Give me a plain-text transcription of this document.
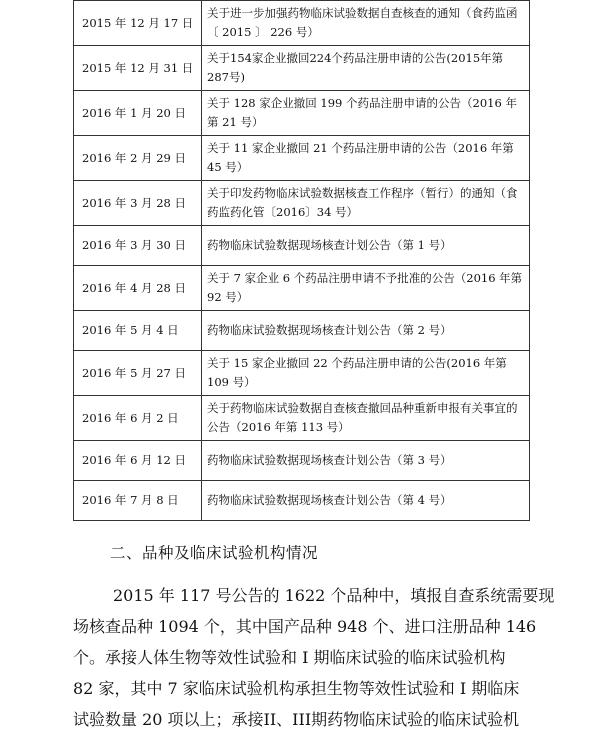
2015 年 12 月 17 日	关于进一步加强药物临床试验数据自查核查的通知（食药监函〔 2015 〕 226 号）
2015 年 12 月 31 日	关于154家企业撤回224个药品注册申请的公告(2015年第287号)
2016 年 1 月 20 日	关于 128 家企业撤回 199 个药品注册申请的公告（2016 年第 21 号）
2016 年 2 月 29 日	关于 11 家企业撤回 21 个药品注册申请的公告（2016 年第 45 号）
2016 年 3 月 28 日	关于印发药物临床试验数据核查工作程序（暂行）的通知（食药监药化管〔2016〕34 号）
2016 年 3 月 30 日	药物临床试验数据现场核查计划公告（第 1 号）
2016 年 4 月 28 日	关于 7 家企业 6 个药品注册申请不予批准的公告（2016 年第 92 号）
2016 年 5 月 4 日	药物临床试验数据现场核查计划公告（第 2 号）
2016 年 5 月 27 日	关于 15 家企业撤回 22 个药品注册申请的公告(2016 年第 109 号）
2016 年 6 月 2 日	关于药物临床试验数据自查核查撤回品种重新申报有关事宜的公告（2016 年第 113 号）
2016 年 6 月 12 日	药物临床试验数据现场核查计划公告（第 3 号）
2016 年 7 月 8 日	药物临床试验数据现场核查计划公告（第 4 号）
二、品种及临床试验机构情况
2015 年 117 号公告的 1622 个品种中，填报自查系统需要现
场核查品种 1094 个，其中国产品种 948 个、进口注册品种 146
个。承接人体生物等效性试验和 I 期临床试验的临床试验机构
82 家，其中 7 家临床试验机构承担生物等效性试验和 I 期临床
试验数量 20 项以上；承接II、III期药物临床试验的临床试验机
